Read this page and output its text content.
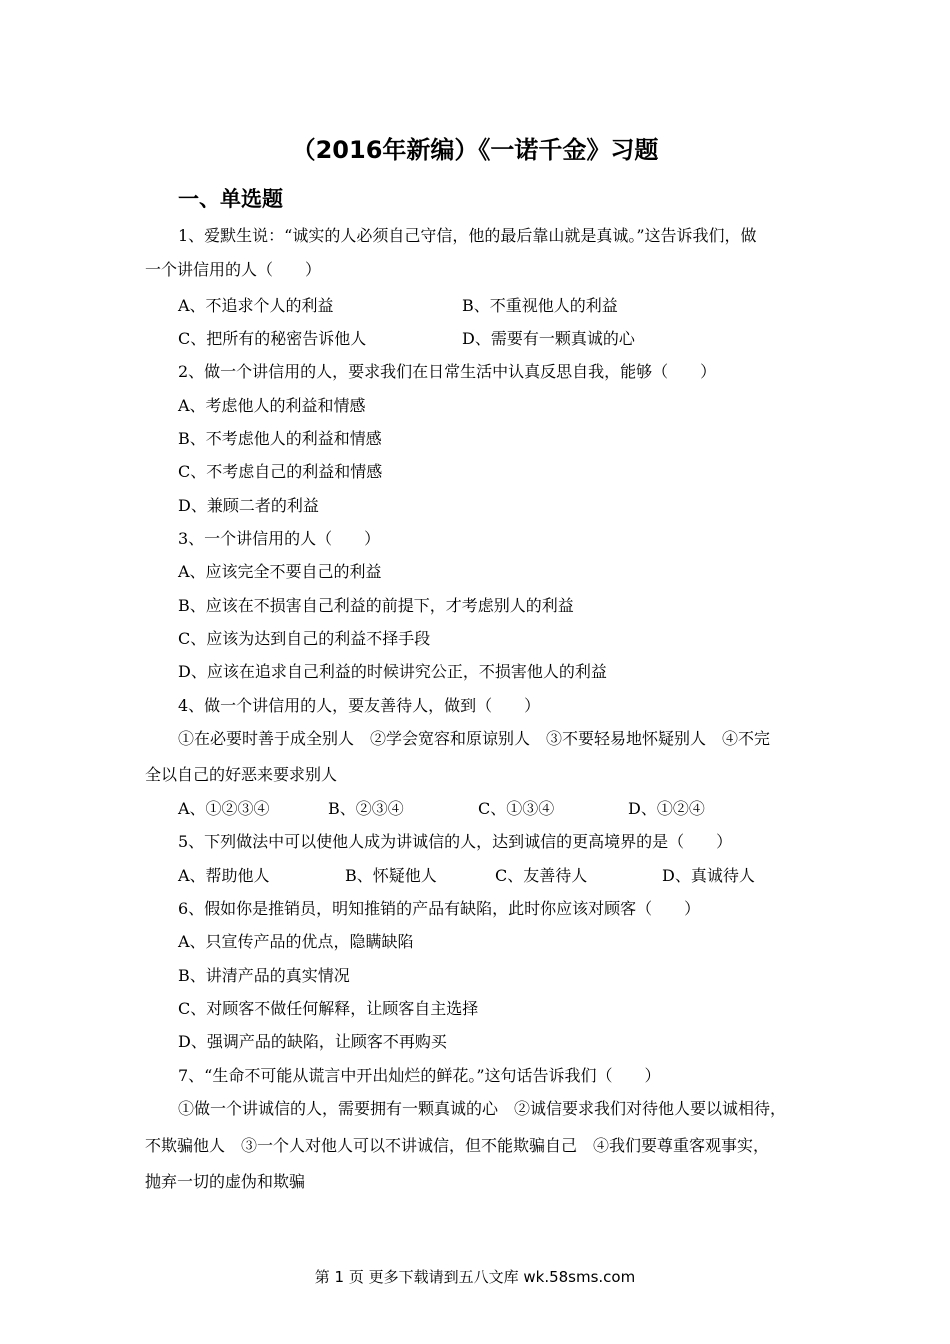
（2016年新编）《一诺千金》习题
一、单选题
1、爱默生说：“诚实的人必须自己守信，他的最后靠山就是真诚。”这告诉我们，做
一个讲信用的人（　　）
A、不追求个人的利益	B、不重视他人的利益
C、把所有的秘密告诉他人	D、需要有一颗真诚的心
2、做一个讲信用的人，要求我们在日常生活中认真反思自我，能够（　　）
A、考虑他人的利益和情感
B、不考虑他人的利益和情感
C、不考虑自己的利益和情感
D、兼顾二者的利益
3、一个讲信用的人（　　）
A、应该完全不要自己的利益
B、应该在不损害自己利益的前提下，才考虑别人的利益
C、应该为达到自己的利益不择手段
D、应该在追求自己利益的时候讲究公正，不损害他人的利益
4、做一个讲信用的人，要友善待人，做到（　　）
①在必要时善于成全别人　②学会宽容和原谅别人　③不要轻易地怀疑别人　④不完
全以自己的好恶来要求别人
A、①②③④	B、②③④	C、①③④	D、①②④
5、下列做法中可以使他人成为讲诚信的人，达到诚信的更高境界的是（　　）
A、帮助他人	B、怀疑他人	C、友善待人	D、真诚待人
6、假如你是推销员，明知推销的产品有缺陷，此时你应该对顾客（　　）
A、只宣传产品的优点，隐瞒缺陷
B、讲清产品的真实情况
C、对顾客不做任何解释，让顾客自主选择
D、强调产品的缺陷，让顾客不再购买
7、“生命不可能从谎言中开出灿烂的鲜花。”这句话告诉我们（　　）
①做一个讲诚信的人，需要拥有一颗真诚的心　②诚信要求我们对待他人要以诚相待，
不欺骗他人　③一个人对他人可以不讲诚信，但不能欺骗自己　④我们要尊重客观事实，
抛弃一切的虚伪和欺骗
第 1 页 更多下载请到五八文库 wk.58sms.com
